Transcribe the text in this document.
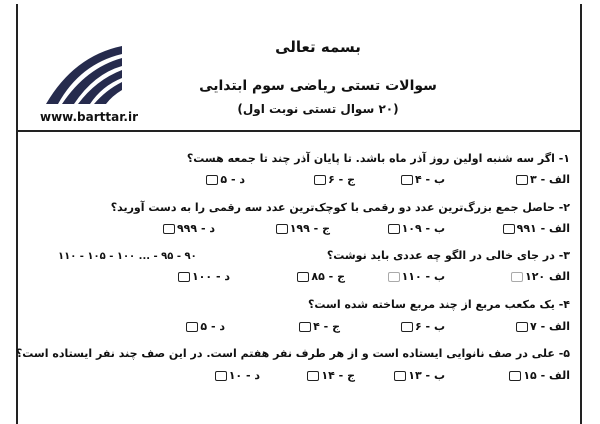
www.barttar.ir
بسمه تعالی
سوالات تستی ریاضی سوم ابتدایی
(۲۰ سوال تستی نوبت اول)
۱- اگر سه شنبه اولین روز آذر ماه باشد. تا پایان آذر چند تا جمعه هست؟
الف - ۳
ب - ۴
ج - ۶
د - ۵
۲- حاصل جمع بزرگ‌ترین عدد دو رقمی با کوچک‌ترین عدد سه رقمی را به دست آورید؟
الف - ۹۹۱
ب - ۱۰۹
ج - ۱۹۹
د - ۹۹۹
۳- در جای خالی در الگو چه عددی باید نوشت؟
۱۱۰ - ۱۰۵ - ۱۰۰ ... - ۹۵ - ۹۰
الف ۱۲۰
ب - ۱۱۰
ج - ۸۵
د - ۱۰۰
۴- یک مکعب مربع از چند مربع ساخته شده است؟
الف - ۷
ب - ۶
ج - ۴
د - ۵
۵- علی در صف نانوایی ایستاده است و از هر طرف نفر هفتم است. در این صف چند نفر ایستاده است؟
الف - ۱۵
ب - ۱۳
ج - ۱۴
د - ۱۰
